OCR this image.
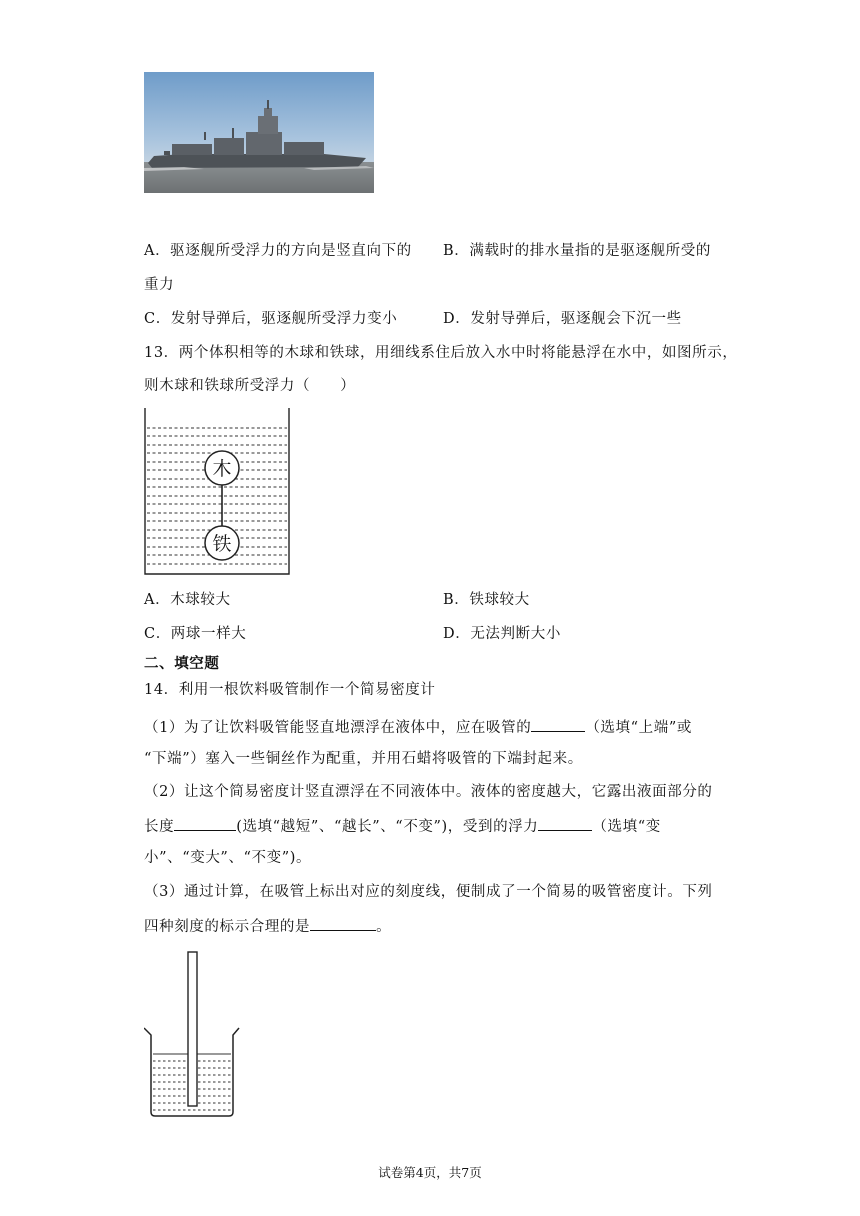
A．驱逐舰所受浮力的方向是竖直向下的 B．满载时的排水量指的是驱逐舰所受的
重力
C．发射导弹后，驱逐舰所受浮力变小	D．发射导弹后，驱逐舰会下沉一些
13．两个体积相等的木球和铁球，用细线系住后放入水中时将能悬浮在水中，如图所示，
则木球和铁球所受浮力（　　）
木
铁
A．木球较大	B．铁球较大
C．两球一样大	D．无法判断大小
二、填空题
14．利用一根饮料吸管制作一个简易密度计
（1）为了让饮料吸管能竖直地漂浮在液体中，应在吸管的	（选填“上端”或
“下端”）塞入一些铜丝作为配重，并用石蜡将吸管的下端封起来。
（2）让这个简易密度计竖直漂浮在不同液体中。液体的密度越大，它露出液面部分的
长度	(选填“越短”、“越长”、“不变”)，受到的浮力	（选填“变
小”、“变大”、“不变”)。
（3）通过计算，在吸管上标出对应的刻度线，便制成了一个简易的吸管密度计。下列
四种刻度的标示合理的是	。
试卷第4页，共7页
